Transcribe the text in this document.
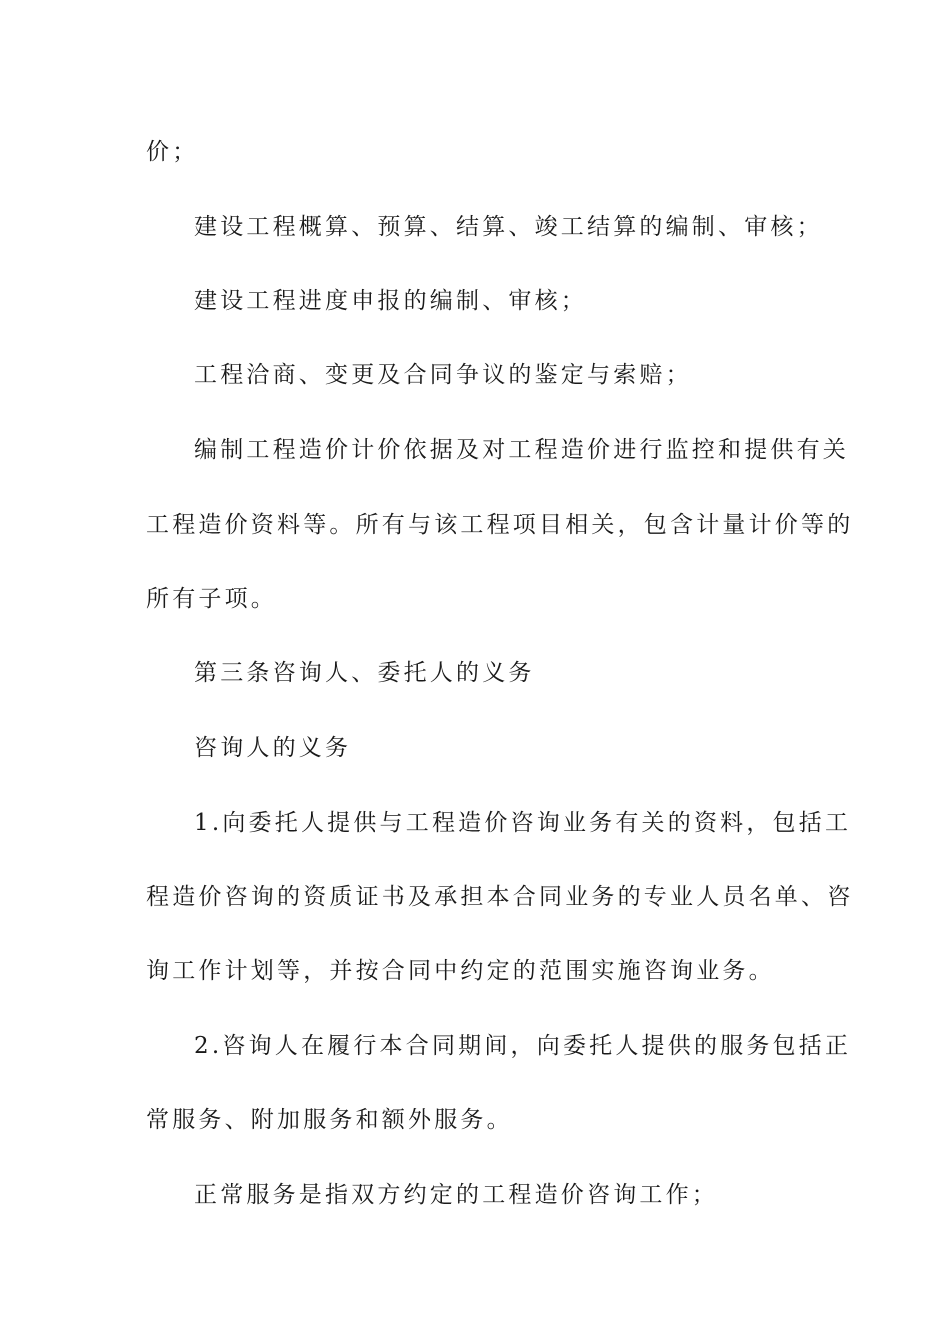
价；
建设工程概算、预算、结算、竣工结算的编制、审核；
建设工程进度申报的编制、审核；
工程洽商、变更及合同争议的鉴定与索赔；
编制工程造价计价依据及对工程造价进行监控和提供有关
工程造价资料等。所有与该工程项目相关，包含计量计价等的
所有子项。
第三条咨询人、委托人的义务
咨询人的义务
1.向委托人提供与工程造价咨询业务有关的资料，包括工
程造价咨询的资质证书及承担本合同业务的专业人员名单、咨
询工作计划等，并按合同中约定的范围实施咨询业务。
2.咨询人在履行本合同期间，向委托人提供的服务包括正
常服务、附加服务和额外服务。
正常服务是指双方约定的工程造价咨询工作；
